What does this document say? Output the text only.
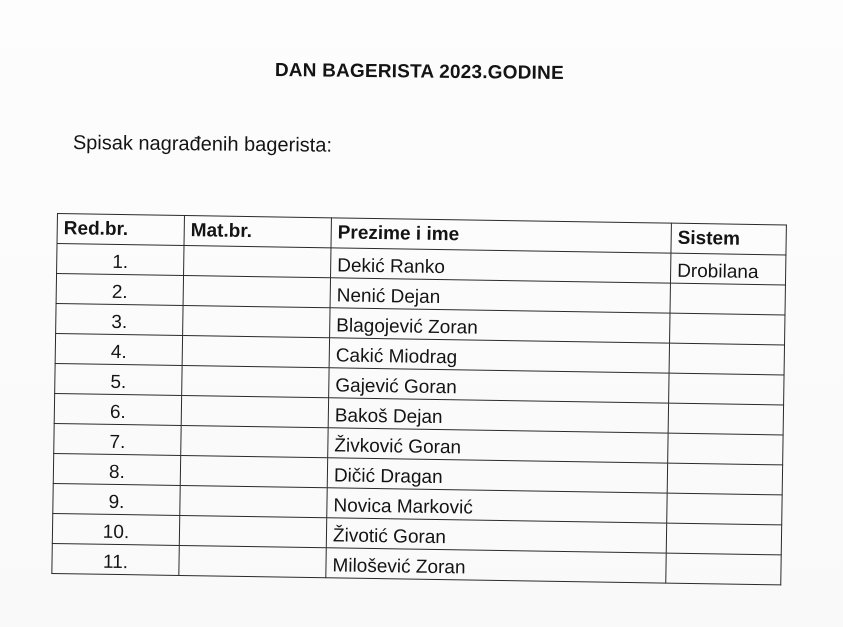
DAN BAGERISTA 2023.GODINE
Spisak nagrađenih bagerista:
Red.br.	Mat.br.	Prezime i ime	Sistem
1.		Dekić Ranko	Drobilana
2.		Nenić Dejan	
3.		Blagojević Zoran	
4.		Cakić Miodrag	
5.		Gajević Goran	
6.		Bakoš Dejan	
7.		Živković Goran	
8.		Dičić Dragan	
9.		Novica Marković	
10.		Životić Goran	
11.		Milošević Zoran	
